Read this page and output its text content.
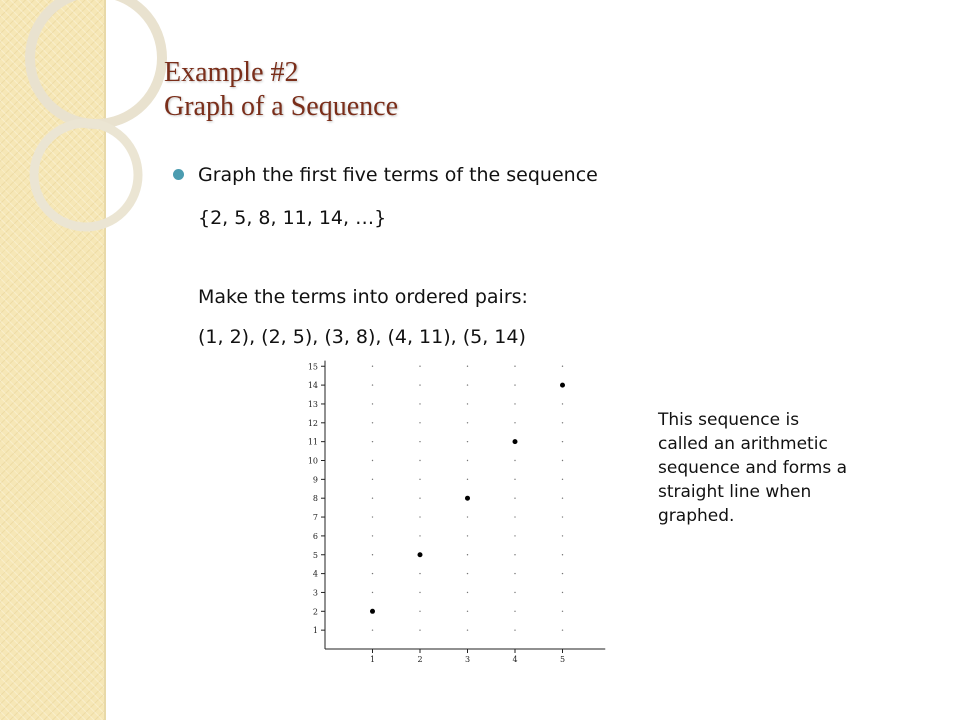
Example #2
Graph of a Sequence
Graph the first five terms of the sequence
{2, 5, 8, 11, 14, …}
Make the terms into ordered pairs:
(1, 2), (2, 5), (3, 8), (4, 11), (5, 14)
1	2	3	4	5
1
2
3
4
5
6
7
8
9
10
11
12
13
14
15
This sequence is
called an arithmetic
sequence and forms a
straight line when
graphed.
